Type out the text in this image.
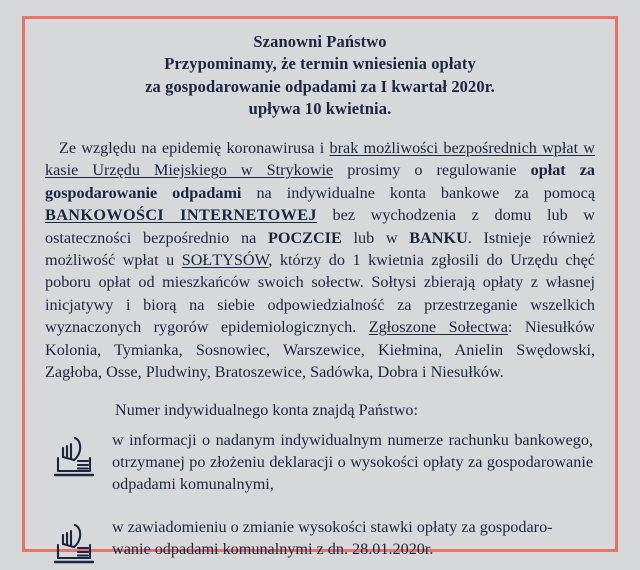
Szanowni Państwo
Przypominamy, że termin wniesienia opłaty
za gospodarowanie odpadami za I kwartał 2020r.
upływa 10 kwietnia.
Ze względu na epidemię koronawirusa i brak możliwości bezpośrednich wpłat w kasie Urzędu Miejskiego w Strykowie prosimy o regulowanie opłat za gospodarowanie odpadami na indywidualne konta bankowe za pomocą BANKOWOŚCI INTERNETOWEJ bez wychodzenia z domu lub w ostateczności bezpośrednio na POCZCIE lub w BANKU. Istnieje również możliwość wpłat u SOŁTYSÓW, którzy do 1 kwietnia zgłosili do Urzędu chęć poboru opłat od mieszkańców swoich sołectw. Sołtysi zbierają opłaty z własnej inicjatywy i biorą na siebie odpowiedzialność za przestrzeganie wszelkich wyznaczonych rygorów epidemiologicznych. Zgłoszone Sołectwa: Niesułków Kolonia, Tymianka, Sosnowiec, Warszewice, Kiełmina, Anielin Swędowski, Zagłoba, Osse, Pludwiny, Bratoszewice, Sadówka, Dobra i Niesułków.
Numer indywidualnego konta znajdą Państwo:
w informacji o nadanym indywidualnym numerze rachunku bankowego, otrzymanej po złożeniu deklaracji o wysokości opłaty za gospodarowanie odpadami komunalnymi,
w zawiadomieniu o zmianie wysokości stawki opłaty za gospodaro-
wanie odpadami komunalnymi z dn. 28.01.2020r.
